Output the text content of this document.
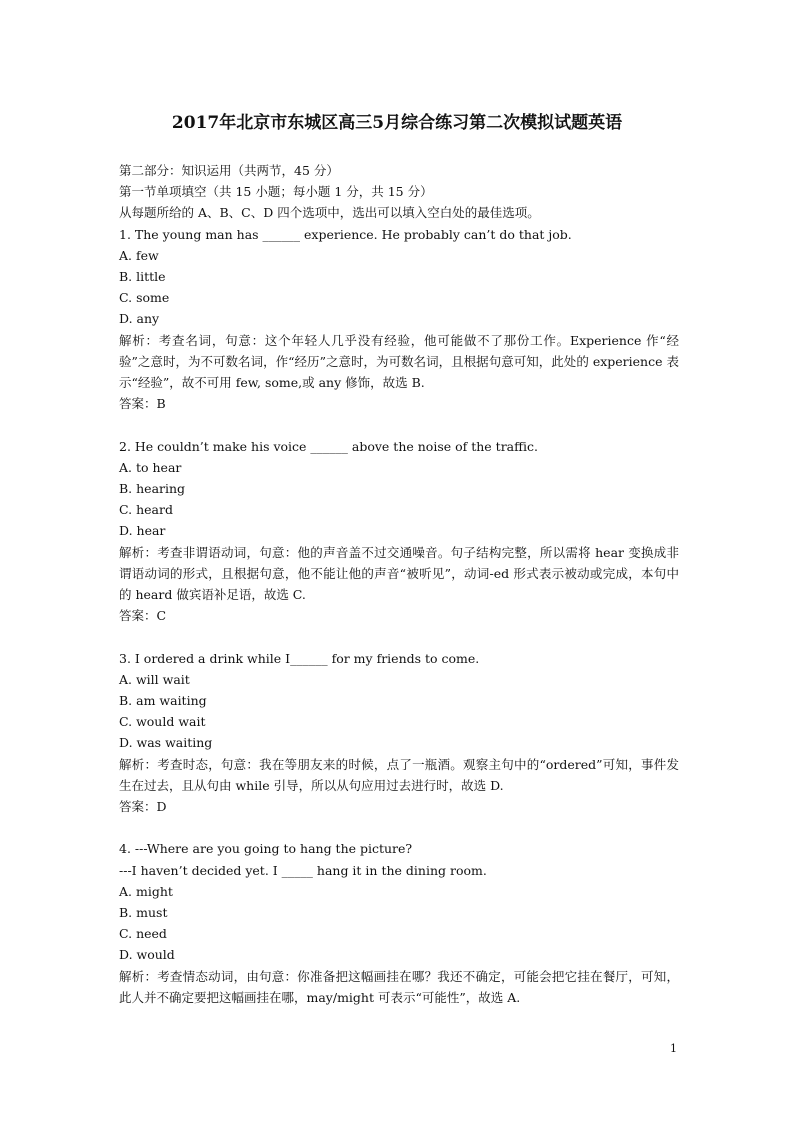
2017年北京市东城区高三5月综合练习第二次模拟试题英语
第二部分：知识运用（共两节，45 分）
第一节单项填空（共 15 小题；每小题 1 分，共 15 分）
从每题所给的 A、B、C、D 四个选项中，选出可以填入空白处的最佳选项。
1. The young man has ______ experience. He probably can’t do that job.
A. few
B. little
C. some
D. any
解析：考查名词，句意：这个年轻人几乎没有经验，他可能做不了那份工作。Experience 作“经验”之意时，为不可数名词，作“经历”之意时，为可数名词，且根据句意可知，此处的 experience 表示“经验”，故不可用 few, some,或 any 修饰，故选 B.
答案：B
2. He couldn’t make his voice ______ above the noise of the traffic.
A. to hear
B. hearing
C. heard
D. hear
解析：考查非谓语动词，句意：他的声音盖不过交通噪音。句子结构完整，所以需将 hear 变换成非谓语动词的形式，且根据句意，他不能让他的声音“被听见”，动词-ed 形式表示被动或完成，本句中的 heard 做宾语补足语，故选 C.
答案：C
3. I ordered a drink while I______ for my friends to come.
A. will wait
B. am waiting
C. would wait
D. was waiting
解析：考查时态，句意：我在等朋友来的时候，点了一瓶酒。观察主句中的“ordered”可知，事件发生在过去，且从句由 while 引导，所以从句应用过去进行时，故选 D.
答案：D
4. ---Where are you going to hang the picture?
---I haven’t decided yet. I _____ hang it in the dining room.
A. might
B. must
C. need
D. would
解析：考查情态动词，由句意：你准备把这幅画挂在哪？我还不确定，可能会把它挂在餐厅，可知，此人并不确定要把这幅画挂在哪，may/might 可表示“可能性”，故选 A.
1
